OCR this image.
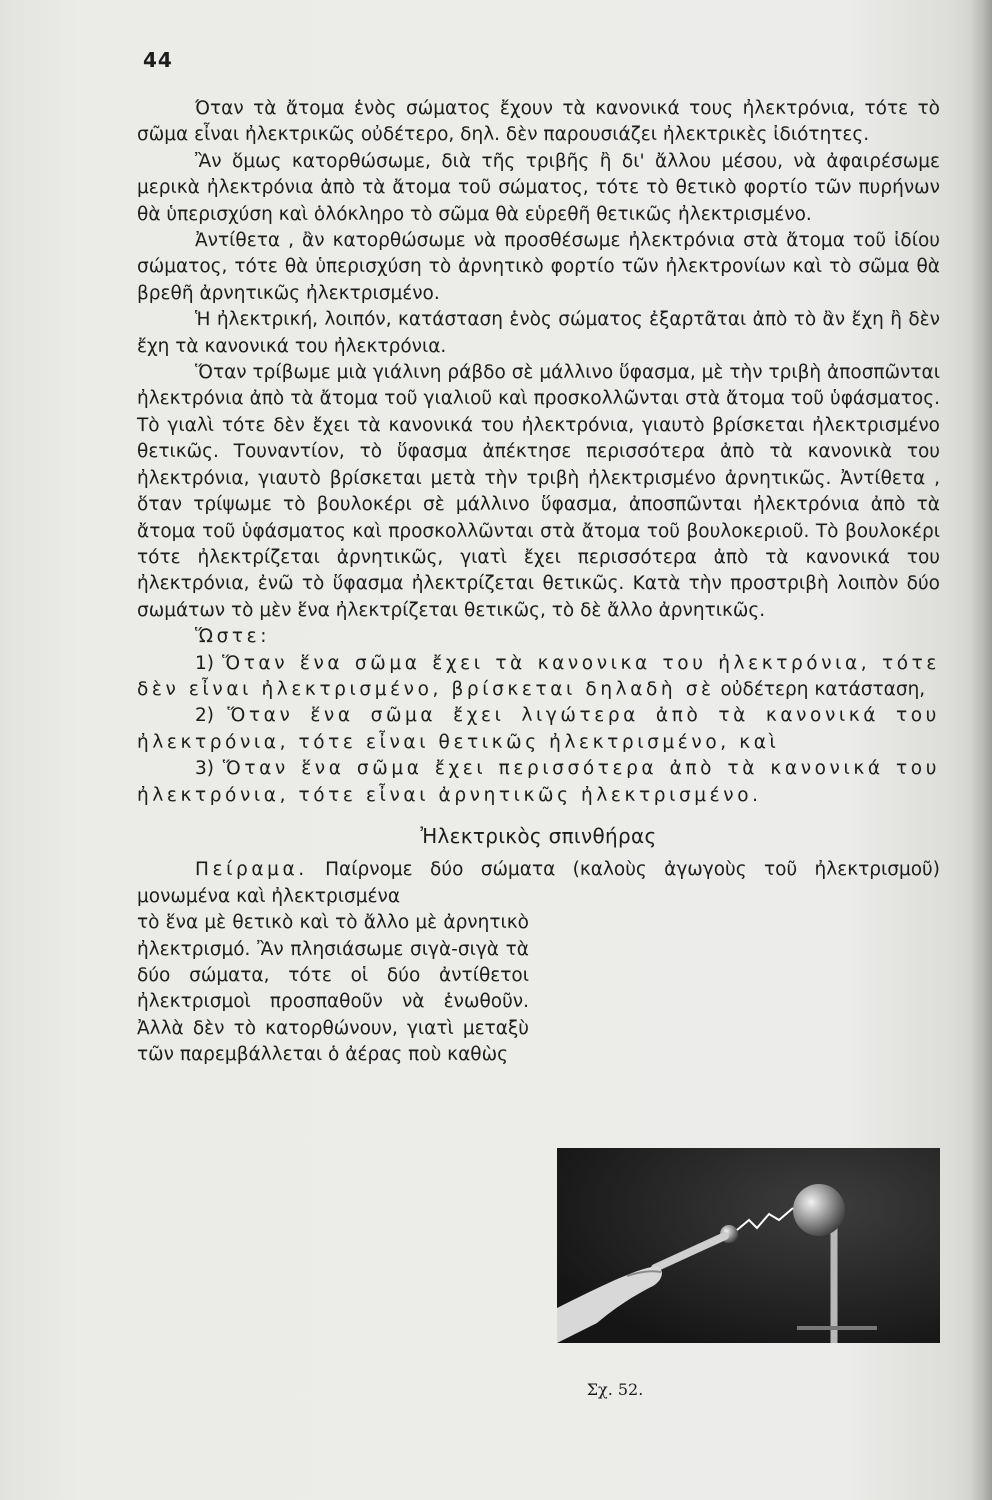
44

Όταν τὰ ἄτομα ἑνὸς σώματος ἔχουν τὰ κανονικά τους ἠλεκτρόνια, τότε τὸ σῶμα εἶναι ἠλεκτρικῶς οὐδέτερο, δηλ. δὲν παρουσιάζει ἠλεκτρικὲς ἰδιότητες.

Ἂν ὅμως κατορθώσωμε, διὰ τῆς τριβῆς ἢ δι' ἄλλου μέσου, νὰ ἀφαιρέσωμε μερικὰ ἠλεκτρόνια ἀπὸ τὰ ἄτομα τοῦ σώματος, τότε τὸ θετικὸ φορτίο τῶν πυρήνων θὰ ὑπερισχύση καὶ ὁλόκληρο τὸ σῶμα θὰ εὑρεθῆ θετικῶς ἠλεκτρισμένο.

Ἀντίθετα , ἂν κατορθώσωμε νὰ προσθέσωμε ἠλεκτρόνια στὰ ἄτομα τοῦ ἰδίου σώματος, τότε θὰ ὑπερισχύση τὸ ἀρνητικὸ φορτίο τῶν ἠλεκτρονίων καὶ τὸ σῶμα θὰ βρεθῆ ἀρνητικῶς ἠλεκτρισμένο.

Ἡ ἠλεκτρική, λοιπόν, κατάσταση ἑνὸς σώματος ἐξαρτᾶται ἀπὸ τὸ ἂν ἔχη ἢ δὲν ἔχη τὰ κανονικά του ἠλεκτρόνια.

Ὅταν τρίβωμε μιὰ γιάλινη ράβδο σὲ μάλλινο ὕφασμα, μὲ τὴν τριβὴ ἀποσπῶνται ἠλεκτρόνια ἀπὸ τὰ ἄτομα τοῦ γιαλιοῦ καὶ προσκολλῶνται στὰ ἄτομα τοῦ ὑφάσματος. Τὸ γιαλὶ τότε δὲν ἔχει τὰ κανονικά του ἠλεκτρόνια, γιαυτὸ βρίσκεται ἠλεκτρισμένο θετικῶς. Τουναντίον, τὸ ὕφασμα ἀπέκτησε περισσότερα ἀπὸ τὰ κανονικὰ του ἠλεκτρόνια, γιαυτὸ βρίσκεται μετὰ τὴν τριβὴ ἠλεκτρισμένο ἀρνητικῶς. Ἀντίθετα , ὅταν τρίψωμε τὸ βουλοκέρι σὲ μάλλινο ὕφασμα, ἀποσπῶνται ἠλεκτρόνια ἀπὸ τὰ ἄτομα τοῦ ὑφάσματος καὶ προσκολλῶνται στὰ ἄτομα τοῦ βουλοκεριοῦ. Τὸ βουλοκέρι τότε ἠλεκτρίζεται ἀρνητικῶς, γιατὶ ἔχει περισσότερα ἀπὸ τὰ κανονικά του ἠλεκτρόνια, ἐνῶ τὸ ὕφασμα ἠλεκτρίζεται θετικῶς. Κατὰ τὴν προστριβὴ λοιπὸν δύο σωμάτων τὸ μὲν ἕνα ἠλεκτρίζεται θετικῶς, τὸ δὲ ἄλλο ἀρνητικῶς.

Ὥστε:

1) Ὅταν ἕνα σῶμα ἔχει τὰ κανονικα του ἠλεκτρόνια, τότε δὲν εἶναι ἠλεκτρισμένο, βρίσκεται δηλαδὴ σὲ οὐδέτερη κατάσταση,

2) Ὅταν ἕνα σῶμα ἔχει λιγώτερα ἀπὸ τὰ κανονικά του ἠλεκτρόνια, τότε εἶναι θετικῶς ἠλεκτρισμένο, καὶ

3) Ὅταν ἕνα σῶμα ἔχει περισσότερα ἀπὸ τὰ κανονικά του ἠλεκτρόνια, τότε εἶναι ἀρνητικῶς ἠλεκτρισμένο.

Ἠλεκτρικὸς σπινθήρας

Πείραμα. Παίρνομε δύο σώματα (καλοὺς ἀγωγοὺς τοῦ ἠλεκτρισμοῦ) μονωμένα καὶ ἠλεκτρισμένα

τὸ ἕνα μὲ θετικὸ καὶ τὸ ἄλλο μὲ ἀρνητικὸ ἠλεκτρισμό. Ἂν πλησιάσωμε σιγὰ-σιγὰ τὰ δύο σώματα, τότε οἱ δύο ἀντίθετοι ἠλεκτρισμοὶ προσπαθοῦν νὰ ἑνωθοῦν. Ἀλλὰ δὲν τὸ κατορθώνουν, γιατὶ μεταξὺ τῶν παρεμβάλλεται ὁ ἀέρας ποὺ καθὼς

Σχ. 52.
